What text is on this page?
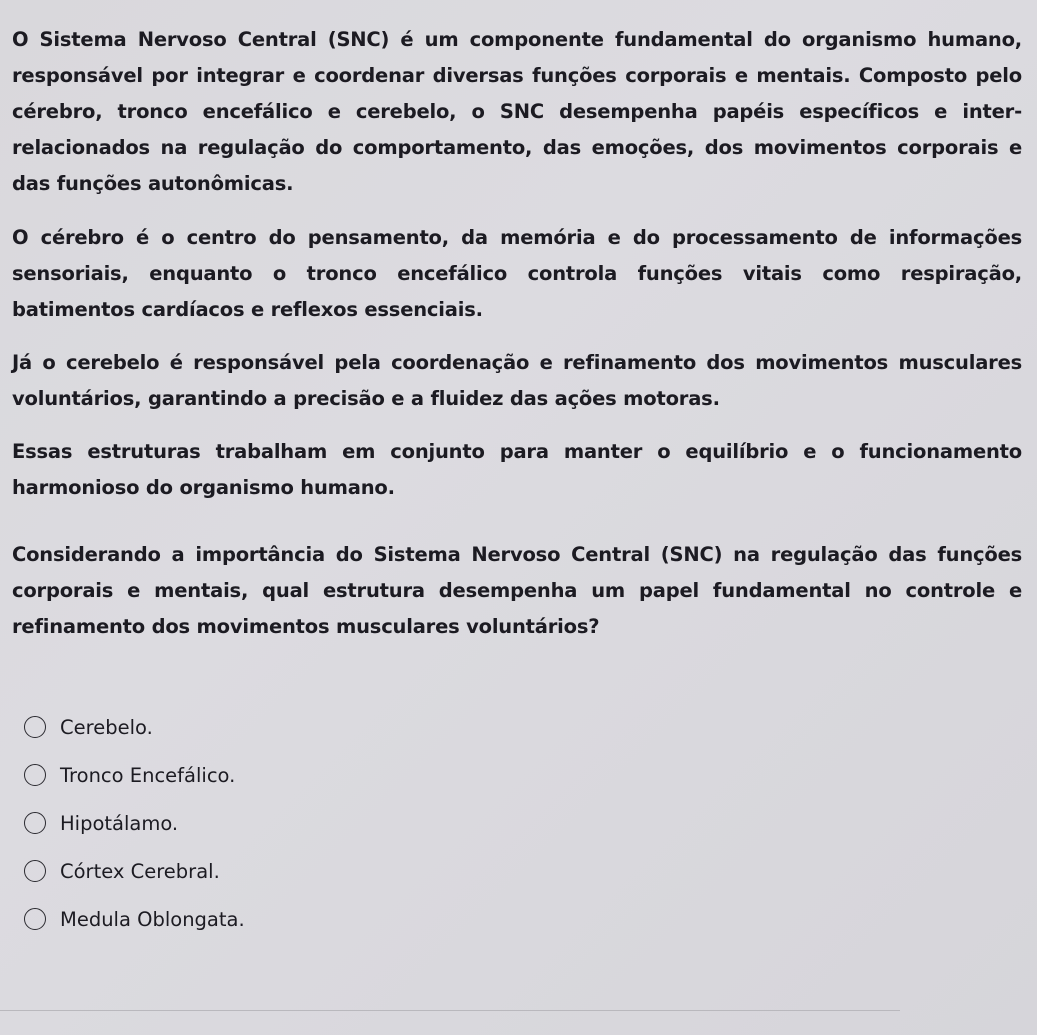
O Sistema Nervoso Central (SNC) é um componente fundamental do organismo humano, responsável por integrar e coordenar diversas funções corporais e mentais. Composto pelo cérebro, tronco encefálico e cerebelo, o SNC desempenha papéis específicos e inter-relacionados na regulação do comportamento, das emoções, dos movimentos corporais e das funções autonômicas.

O cérebro é o centro do pensamento, da memória e do processamento de informações sensoriais, enquanto o tronco encefálico controla funções vitais como respiração, batimentos cardíacos e reflexos essenciais.

Já o cerebelo é responsável pela coordenação e refinamento dos movimentos musculares voluntários, garantindo a precisão e a fluidez das ações motoras.

Essas estruturas trabalham em conjunto para manter o equilíbrio e o funcionamento harmonioso do organismo humano.

Considerando a importância do Sistema Nervoso Central (SNC) na regulação das funções corporais e mentais, qual estrutura desempenha um papel fundamental no controle e refinamento dos movimentos musculares voluntários?

Cerebelo.
Tronco Encefálico.
Hipotálamo.
Córtex Cerebral.
Medula Oblongata.
